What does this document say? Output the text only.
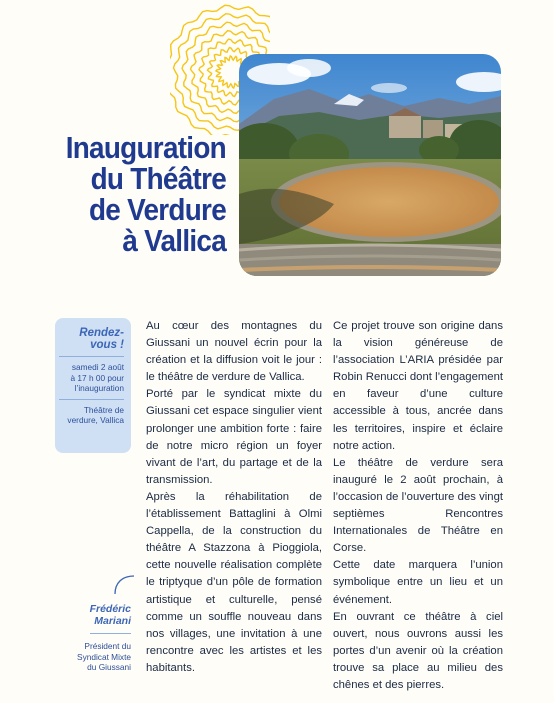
Inauguration
du Théâtre
de Verdure
à Vallica
Rendez-
vous !
samedi 2 août
à 17 h 00 pour
l’inauguration
Théâtre de
verdure, Vallica
Frédéric
Mariani
Président du
Syndicat Mixte
du Giussani

Au cœur des montagnes du Giussani un nouvel écrin pour la création et la diffusion voit le jour : le théâtre de verdure de Vallica.

Porté par le syndicat mixte du Giussani cet espace singulier vient prolonger une ambition forte : faire de notre micro région un foyer vivant de l’art, du partage et de la transmission.

Après la réhabilitation de l’établissement Battaglini à Olmi Cappella, de la construction du théâtre A Stazzona à Pioggiola, cette nouvelle réalisation complète le triptyque d’un pôle de formation artistique et culturelle, pensé comme un souffle nouveau dans nos villages, une invitation à une rencontre avec les artistes et les habitants.

Ce projet trouve son origine dans la vision généreuse de l’association L’ARIA présidée par Robin Renucci dont l’engagement en faveur d’une culture accessible à tous, ancrée dans les territoires, inspire et éclaire notre action.

Le théâtre de verdure sera inauguré le 2 août prochain, à l’occasion de l’ouverture des vingt septièmes Rencontres Internationales de Théâtre en Corse.

Cette date marquera l’union symbolique entre un lieu et un événement.

En ouvrant ce théâtre à ciel ouvert, nous ouvrons aussi les portes d’un avenir où la création trouve sa place au milieu des chênes et des pierres.
